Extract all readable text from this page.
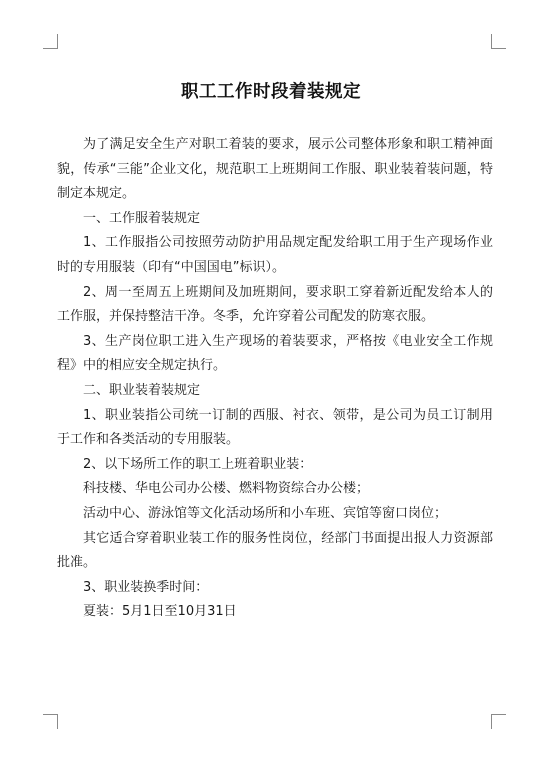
职工工作时段着装规定

为了满足安全生产对职工着装的要求，展示公司整体形象和职工精神面貌，传承“三能”企业文化，规范职工上班期间工作服、职业装着装问题，特制定本规定。

一、工作服着装规定

1、工作服指公司按照劳动防护用品规定配发给职工用于生产现场作业时的专用服装（印有“中国国电”标识）。

2、周一至周五上班期间及加班期间，要求职工穿着新近配发给本人的工作服，并保持整洁干净。冬季，允许穿着公司配发的防寒衣服。

3、生产岗位职工进入生产现场的着装要求，严格按《电业安全工作规程》中的相应安全规定执行。

二、职业装着装规定

1、职业装指公司统一订制的西服、衬衣、领带，是公司为员工订制用于工作和各类活动的专用服装。

2、以下场所工作的职工上班着职业装：

科技楼、华电公司办公楼、燃料物资综合办公楼；

活动中心、游泳馆等文化活动场所和小车班、宾馆等窗口岗位；

其它适合穿着职业装工作的服务性岗位，经部门书面提出报人力资源部批准。

3、职业装换季时间：

夏装：5月1日至10月31日
